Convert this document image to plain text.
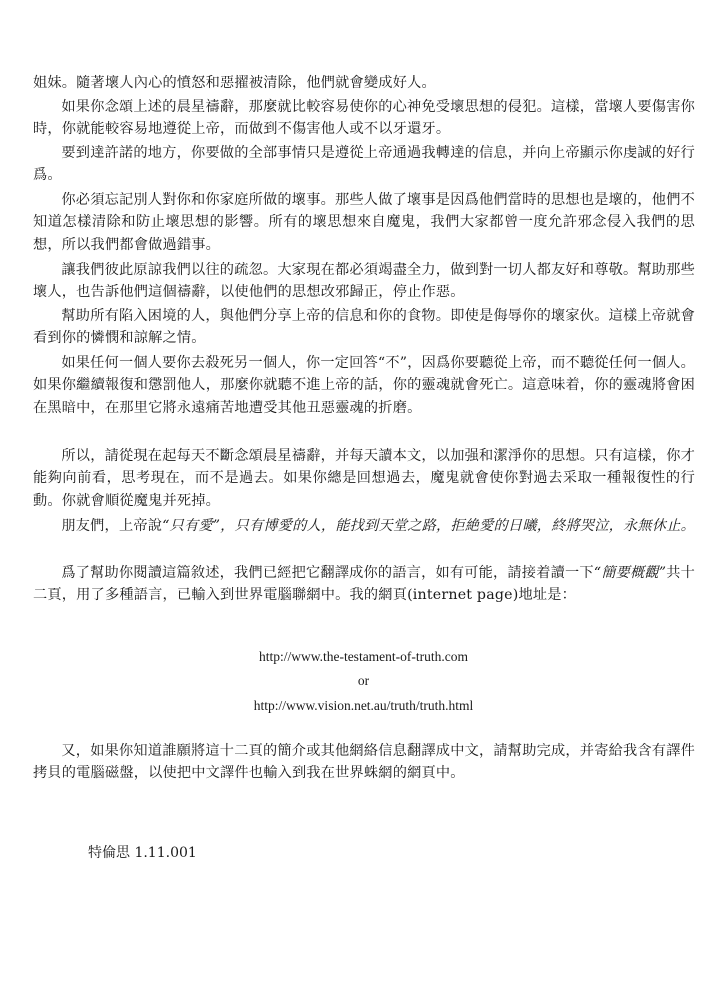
姐妹。隨著壞人內心的憤怒和惡擢被清除，他們就會變成好人。

如果你念頌上述的晨星禱辭，那麼就比較容易使你的心神免受壞思想的侵犯。這樣，當壞人要傷害你時，你就能較容易地遵從上帝，而做到不傷害他人或不以牙還牙。

要到達許諾的地方，你要做的全部事情只是遵從上帝通過我轉達的信息，并向上帝顯示你虔誠的好行爲。

你必須忘記別人對你和你家庭所做的壞事。那些人做了壞事是因爲他們當時的思想也是壞的，他們不知道怎樣清除和防止壞思想的影響。所有的壞思想來自魔鬼，我們大家都曾一度允許邪念侵入我們的思想，所以我們都會做過錯事。

讓我們彼此原諒我們以往的疏忽。大家現在都必須竭盡全力，做到對一切人都友好和尊敬。幫助那些壞人，也告訴他們這個禱辭，以使他們的思想改邪歸正，停止作惡。

幫助所有陷入困境的人，與他們分享上帝的信息和你的食物。即使是侮辱你的壞家伙。這樣上帝就會看到你的憐憫和諒解之情。

如果任何一個人要你去殺死另一個人，你一定回答“不”，因爲你要聽從上帝，而不聽從任何一個人。如果你繼續報復和懲罰他人，那麼你就聽不進上帝的話，你的靈魂就會死亡。這意味着，你的靈魂將會困在黑暗中，在那里它將永遠痛苦地遭受其他丑惡靈魂的折磨。

所以，請從現在起每天不斷念頌晨星禱辭，并每天讀本文，以加强和潔淨你的思想。只有這樣，你才能夠向前看，思考現在，而不是過去。如果你總是回想過去，魔鬼就會使你對過去采取一種報復性的行動。你就會順從魔鬼并死掉。

朋友們，上帝說“只有愛”，只有博愛的人，能找到天堂之路，拒絶愛的日曦，終將哭泣，永無休止。

爲了幫助你閱讀這篇敘述，我們已經把它翻譯成你的語言，如有可能，請接着讀一下“簡要概觀”共十二頁，用了多種語言，已輸入到世界電腦聯網中。我的網頁(internet page)地址是：

http://www.the-testament-of-truth.com

or

http://www.vision.net.au/truth/truth.html

又，如果你知道誰願將這十二頁的簡介或其他網絡信息翻譯成中文，請幫助完成，并寄給我含有譯件拷貝的電腦磁盤，以使把中文譯件也輸入到我在世界蛛網的網頁中。

特倫思 1.11.001
